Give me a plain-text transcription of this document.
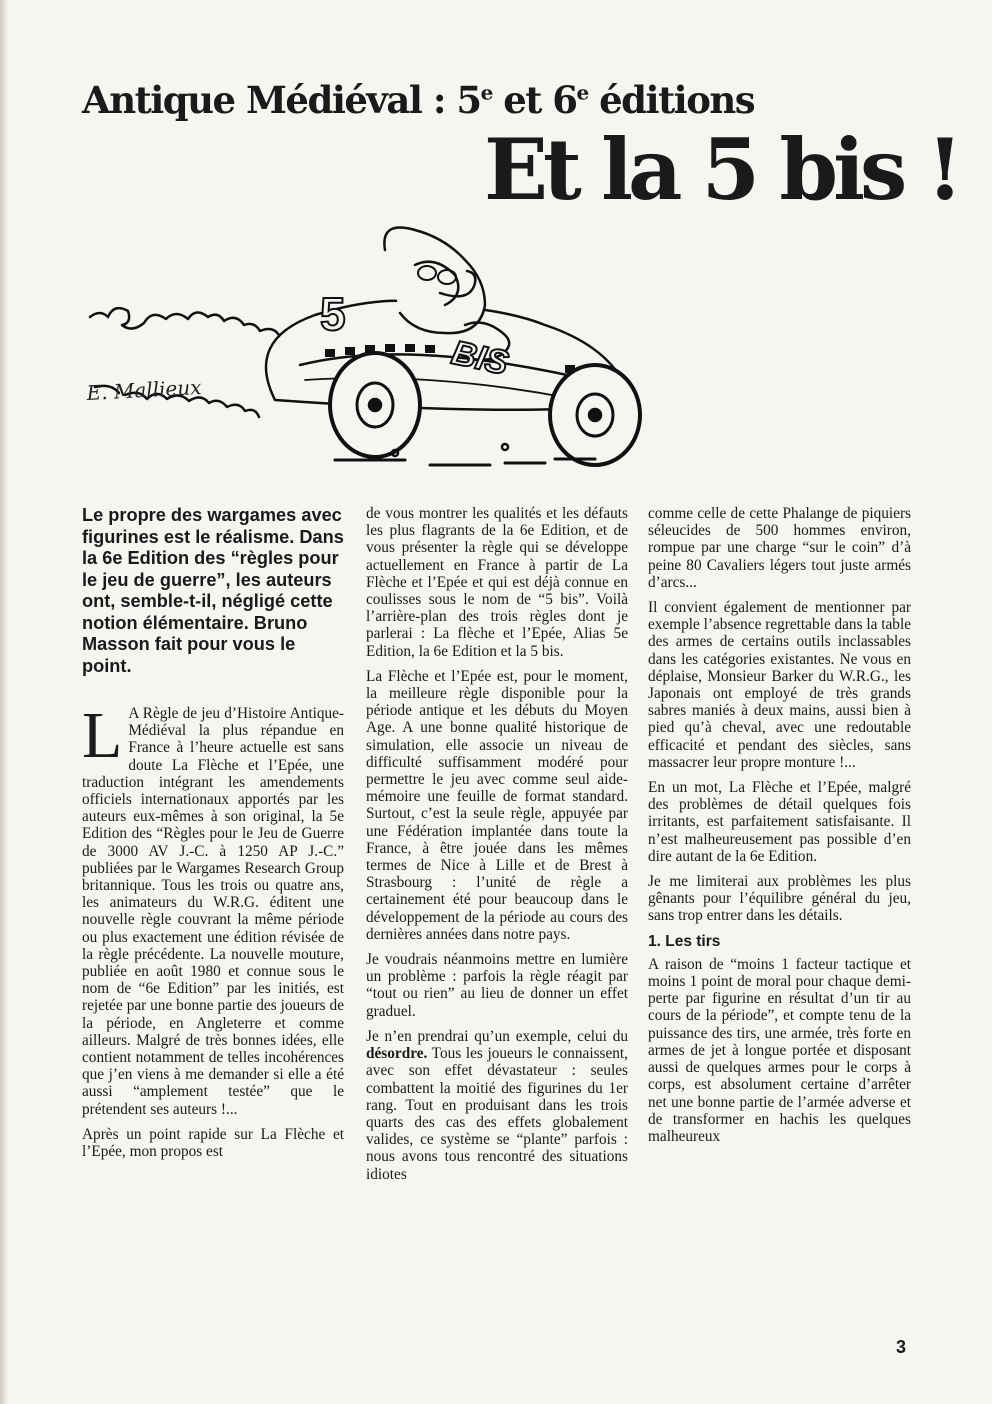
Antique Médiéval : 5e et 6e éditions
Et la 5 bis !
5
BIS
E. Mallieux

Le propre des wargames avec figurines est le réalisme. Dans la 6e Edition des “règles pour le jeu de guerre”, les auteurs ont, semble-t-il, négligé cette notion élémentaire. Bruno Masson fait pour vous le point.

L A Règle de jeu d’Histoire Antique-Médiéval la plus répandue en France à l’heure actuelle est sans doute La Flèche et l’Epée, une traduction intégrant les amendements officiels internationaux apportés par les auteurs eux-mêmes à son original, la 5e Edition des “Règles pour le Jeu de Guerre de 3000 AV J.-C. à 1250 AP J.-C.” publiées par le Wargames Research Group britannique. Tous les trois ou quatre ans, les animateurs du W.R.G. éditent une nouvelle règle couvrant la même période ou plus exactement une édition révisée de la règle précédente. La nouvelle mouture, publiée en août 1980 et connue sous le nom de “6e Edition” par les initiés, est rejetée par une bonne partie des joueurs de la période, en Angleterre et comme ailleurs. Malgré de très bonnes idées, elle contient notamment de telles incohérences que j’en viens à me demander si elle a été aussi “amplement testée” que le prétendent ses auteurs !...

Après un point rapide sur La Flèche et l’Epée, mon propos est

de vous montrer les qualités et les défauts les plus flagrants de la 6e Edition, et de vous présenter la règle qui se développe actuellement en France à partir de La Flèche et l’Epée et qui est déjà connue en coulisses sous le nom de “5 bis”. Voilà l’arrière-plan des trois règles dont je parlerai : La flèche et l’Epée, Alias 5e Edition, la 6e Edition et la 5 bis.

La Flèche et l’Epée est, pour le moment, la meilleure règle disponible pour la période antique et les débuts du Moyen Age. A une bonne qualité historique de simulation, elle associe un niveau de difficulté suffisamment modéré pour permettre le jeu avec comme seul aide-mémoire une feuille de format standard. Surtout, c’est la seule règle, appuyée par une Fédération implantée dans toute la France, à être jouée dans les mêmes termes de Nice à Lille et de Brest à Strasbourg : l’unité de règle a certainement été pour beaucoup dans le développement de la période au cours des dernières années dans notre pays.

Je voudrais néanmoins mettre en lumière un problème : parfois la règle réagit par “tout ou rien” au lieu de donner un effet graduel.

Je n’en prendrai qu’un exemple, celui du désordre. Tous les joueurs le connaissent, avec son effet dévastateur : seules combattent la moitié des figurines du 1er rang. Tout en produisant dans les trois quarts des cas des effets globalement valides, ce système se “plante” parfois : nous avons tous rencontré des situations idiotes

comme celle de cette Phalange de piquiers séleucides de 500 hommes environ, rompue par une charge “sur le coin” d’à peine 80 Cavaliers légers tout juste armés d’arcs...

Il convient également de mentionner par exemple l’absence regrettable dans la table des armes de certains outils inclassables dans les catégories existantes. Ne vous en déplaise, Monsieur Barker du W.R.G., les Japonais ont employé de très grands sabres maniés à deux mains, aussi bien à pied qu’à cheval, avec une redoutable efficacité et pendant des siècles, sans massacrer leur propre monture !...

En un mot, La Flèche et l’Epée, malgré des problèmes de détail quelques fois irritants, est parfaitement satisfaisante. Il n’est malheureusement pas possible d’en dire autant de la 6e Edition.

Je me limiterai aux problèmes les plus gênants pour l’équilibre général du jeu, sans trop entrer dans les détails.

1. Les tirs

A raison de “moins 1 facteur tactique et moins 1 point de moral pour chaque demi-perte par figurine en résultat d’un tir au cours de la période”, et compte tenu de la puissance des tirs, une armée, très forte en armes de jet à longue portée et disposant aussi de quelques armes pour le corps à corps, est absolument certaine d’arrêter net une bonne partie de l’armée adverse et de transformer en hachis les quelques malheureux

3
